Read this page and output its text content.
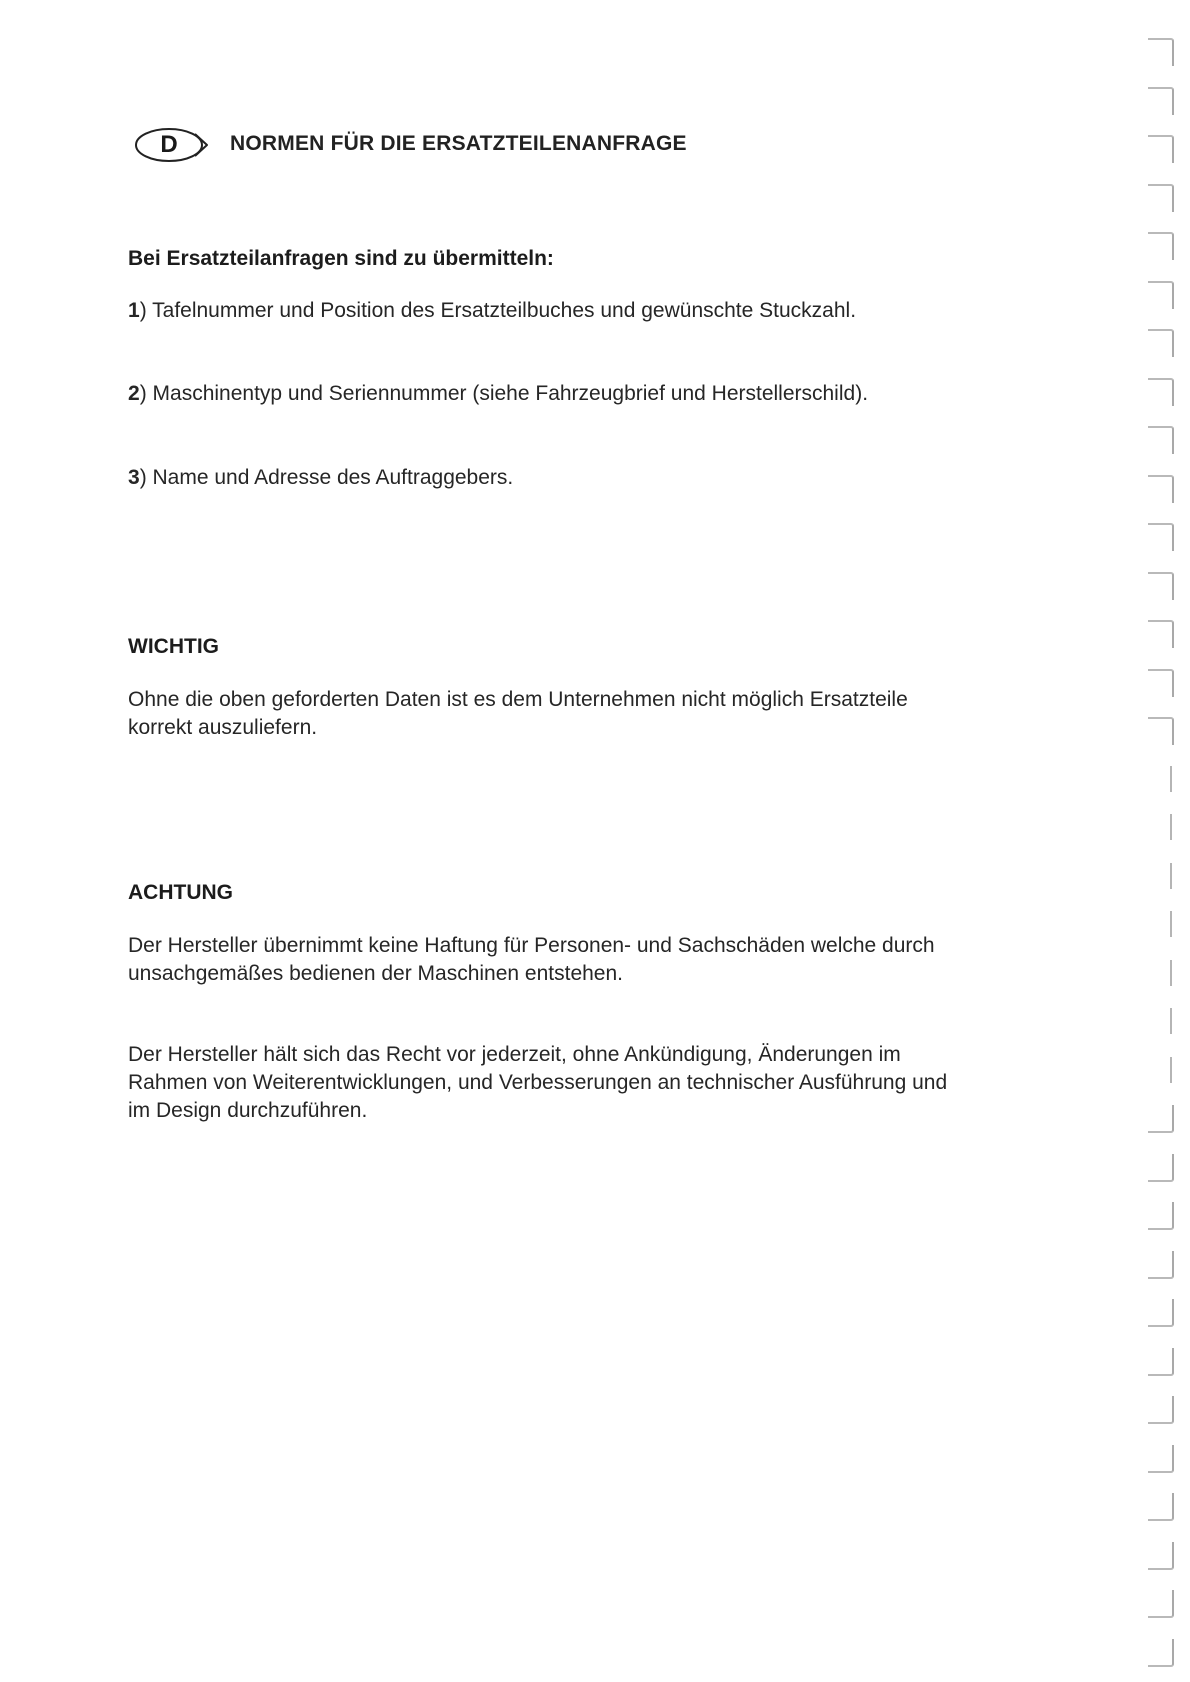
D	NORMEN FÜR DIE ERSATZTEILENANFRAGE
Bei Ersatzteilanfragen sind zu übermitteln:
1) Tafelnummer und Position des Ersatzteilbuches und gewünschte Stuckzahl.
2) Maschinentyp und Seriennummer (siehe Fahrzeugbrief und Herstellerschild).
3) Name und Adresse des Auftraggebers.
WICHTIG
Ohne die oben geforderten Daten ist es dem Unternehmen nicht möglich Ersatzteile
korrekt auszuliefern.
ACHTUNG
Der Hersteller übernimmt keine Haftung für Personen- und Sachschäden welche durch
unsachgemäßes bedienen der Maschinen entstehen.
Der Hersteller hält sich das Recht vor jederzeit, ohne Ankündigung, Änderungen im
Rahmen von Weiterentwicklungen, und Verbesserungen an technischer Ausführung und
im Design durchzuführen.
